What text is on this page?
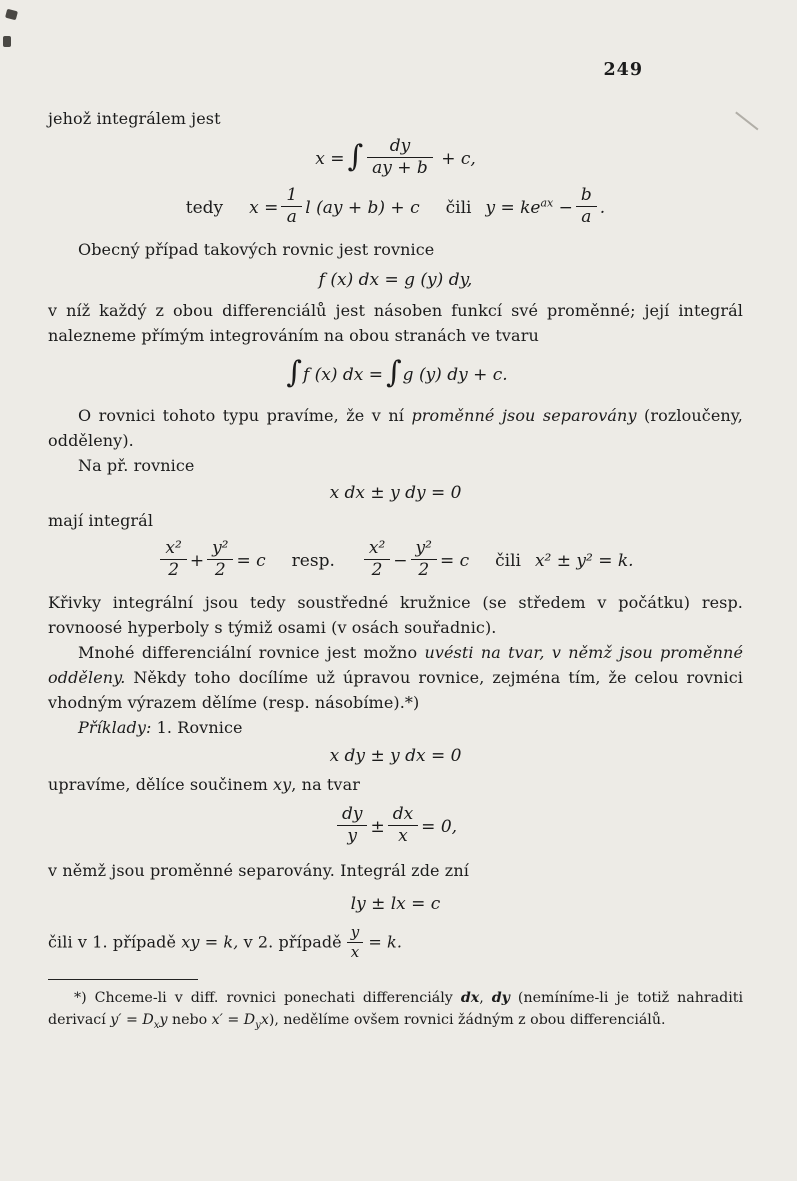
249

jehož integrálem jest

x = ∫ $\frac{dy}{ay + b} + c$,
tedy $x = \frac{1}{a}$ l (ay + b) + c čili $y = ke^{ax} - \frac{b}{a}$ .

Obecný případ takových rovnic jest rovnice

f (x) dx = g (y) dy,

v níž každý z obou differenciálů jest násoben funkcí své proměnné; její integrál nalezneme přímým integrováním na obou stranách ve tvaru

∫f (x) dx = ∫g (y) dy + c.

O rovnici tohoto typu pravíme, že v ní proměnné jsou separovány (rozloučeny, odděleny).

Na př. rovnice

x dx ± y dy = 0

mají integrál

$\frac{\text{x²}}{2} + \frac{\text{y²}}{2} = c$ resp. $\frac{\text{x²}}{2} - \frac{\text{y²}}{2} = c$ čili x² ± y² = k.

Křivky integrální jsou tedy soustředné kružnice (se středem v počátku) resp. rovnoosé hyperboly s týmiž osami (v osách souřadnic).

Mnohé differenciální rovnice jest možno uvésti na tvar, v němž jsou proměnné odděleny. Někdy toho docílíme už úpravou rovnice, zejména tím, že celou rovnici vhodným výrazem dělíme (resp. násobíme).*)

Příklady: 1. Rovnice

x dy ± y dx = 0

upravíme, dělíce součinem xy, na tvar

$\frac{dy}{y} \pm \frac{dx}{x} = 0$,

v němž jsou proměnné separovány. Integrál zde zní

ly ± lx = c

čili v 1. případě xy = k, v 2. případě $\frac{y}{x} = k$.

*) Chceme-li v diff. rovnici ponechati differenciály dx, dy (nemíníme-li je totiž nahraditi derivací $y' = D_xy$ nebo $x' = D_yx$), nedělíme ovšem rovnici žádným z obou differenciálů.
